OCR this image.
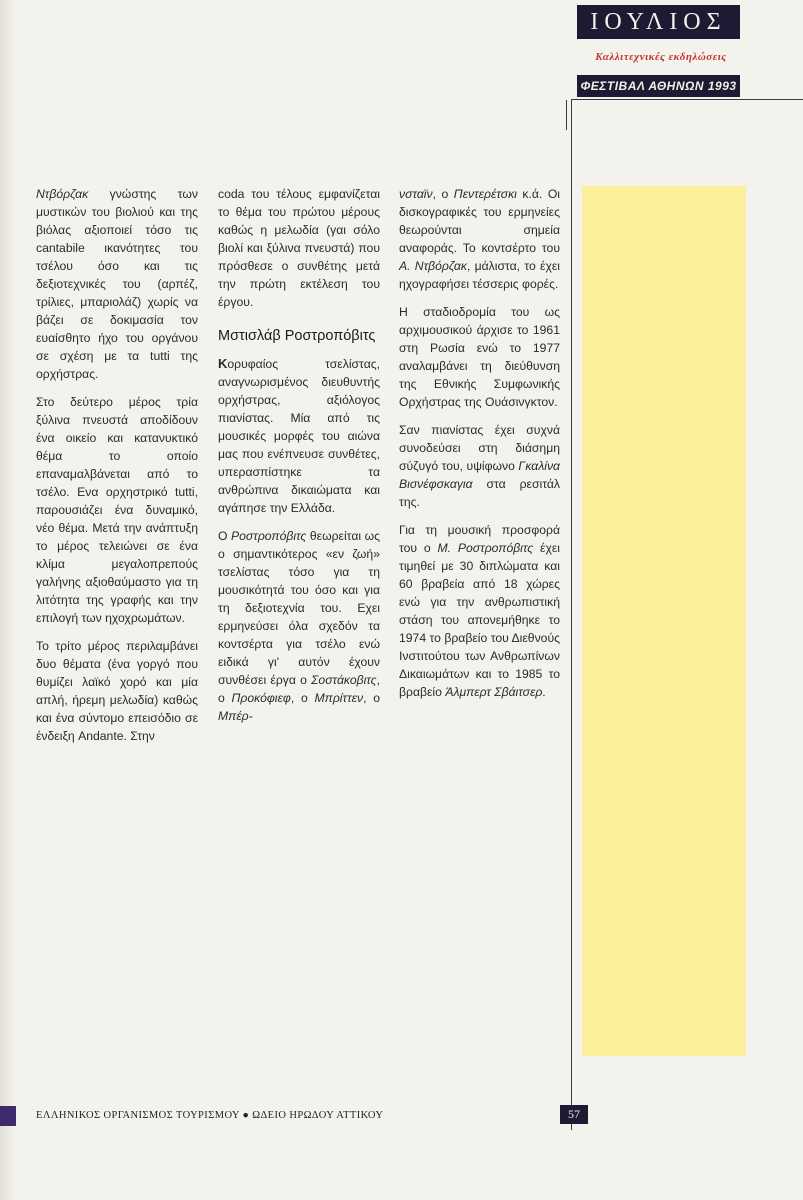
ΙΟΥΛΙΟΣ
Καλλιτεχνικές εκδηλώσεις
ΦΕΣΤΙΒΑΛ ΑΘΗΝΩΝ 1993

Ντβόρζακ γνώστης των μυστικών του βιολιού και της βιόλας αξιοποιεί τόσο τις cantabile ικανότητες του τσέλου όσο και τις δεξιοτεχνικές του (αρπέζ, τρίλιες, μπαριολάζ) χωρίς να βάζει σε δοκιμασία τον ευαίσθητο ήχο του οργάνου σε σχέση με τα tutti της ορχήστρας.

Στο δεύτερο μέρος τρία ξύλινα πνευστά αποδίδουν ένα οικείο και κατανυκτικό θέμα το οποίο επαναμαλβάνεται από το τσέλο. Ενα ορχηστρικό tutti, παρουσιάζει ένα δυναμικό, νέο θέμα. Μετά την ανάπτυξη το μέρος τελειώνει σε ένα κλίμα μεγαλοπρεπούς γαλήνης αξιοθαύμαστο για τη λιτότητα της γραφής και την επιλογή των ηχοχρωμάτων.

Το τρίτο μέρος περιλαμβάνει δυο θέματα (ένα γοργό που θυμίζει λαϊκό χορό και μία απλή, ήρεμη μελωδία) καθώς και ένα σύντομο επεισόδιο σε ένδειξη Andante. Στην

coda του τέλους εμφανίζεται το θέμα του πρώτου μέρους καθώς η μελωδία (γαι σόλο βιολί και ξύλινα πνευστά) που πρόσθεσε ο συνθέτης μετά την πρώτη εκτέλεση του έργου.

Μστισλάβ Ροστροπόβιτς

Κορυφαίος τσελίστας, αναγνωρισμένος διευθυντής ορχήστρας, αξιόλογος πιανίστας. Μία από τις μουσικές μορφές του αιώνα μας που ενέπνευσε συνθέτες, υπερασπίστηκε τα ανθρώπινα δικαιώματα και αγάπησε την Ελλάδα.

Ο Ροστροπόβιτς θεωρείται ως ο σημαντικότερος «εν ζωή» τσελίστας τόσο για τη μουσικότητά του όσο και για τη δεξιοτεχνία του. Εχει ερμηνεύσει όλα σχεδόν τα κοντσέρτα για τσέλο ενώ ειδικά γι' αυτόν έχουν συνθέσει έργα ο Σοστάκοβιτς, ο Προκόφιεφ, ο Μπρίττεν, ο Μπέρ-

νσταϊν, ο Πεντερέτσκι κ.ά. Οι δισκογραφικές του ερμηνείες θεωρούνται σημεία αναφοράς. Το κοντσέρτο του Α. Ντβόρζακ, μάλιστα, το έχει ηχογραφήσει τέσσερις φορές.

Η σταδιοδρομία του ως αρχιμουσικού άρχισε το 1961 στη Ρωσία ενώ το 1977 αναλαμβάνει τη διεύθυνση της Εθνικής Συμφωνικής Ορχήστρας της Ουάσινγκτον.

Σαν πιανίστας έχει συχνά συνοδεύσει στη διάσημη σύζυγό του, υψίφωνο Γκαλίνα Βισνέφσκαγια στα ρεσιτάλ της.

Για τη μουσική προσφορά του ο Μ. Ροστροπόβιτς έχει τιμηθεί με 30 διπλώματα και 60 βραβεία από 18 χώρες ενώ για την ανθρωπιστική στάση του απονεμήθηκε το 1974 το βραβείο του Διεθνούς Ινστιτούτου των Ανθρωπίνων Δικαιωμάτων και το 1985 το βραβείο Άλμπερτ Σβάιτσερ.

ΕΛΛΗΝΙΚΟΣ ΟΡΓΑΝΙΣΜΟΣ ΤΟΥΡΙΣΜΟΥ ● ΩΔΕΙΟ ΗΡΩΔΟΥ ΑΤΤΙΚΟΥ	57
